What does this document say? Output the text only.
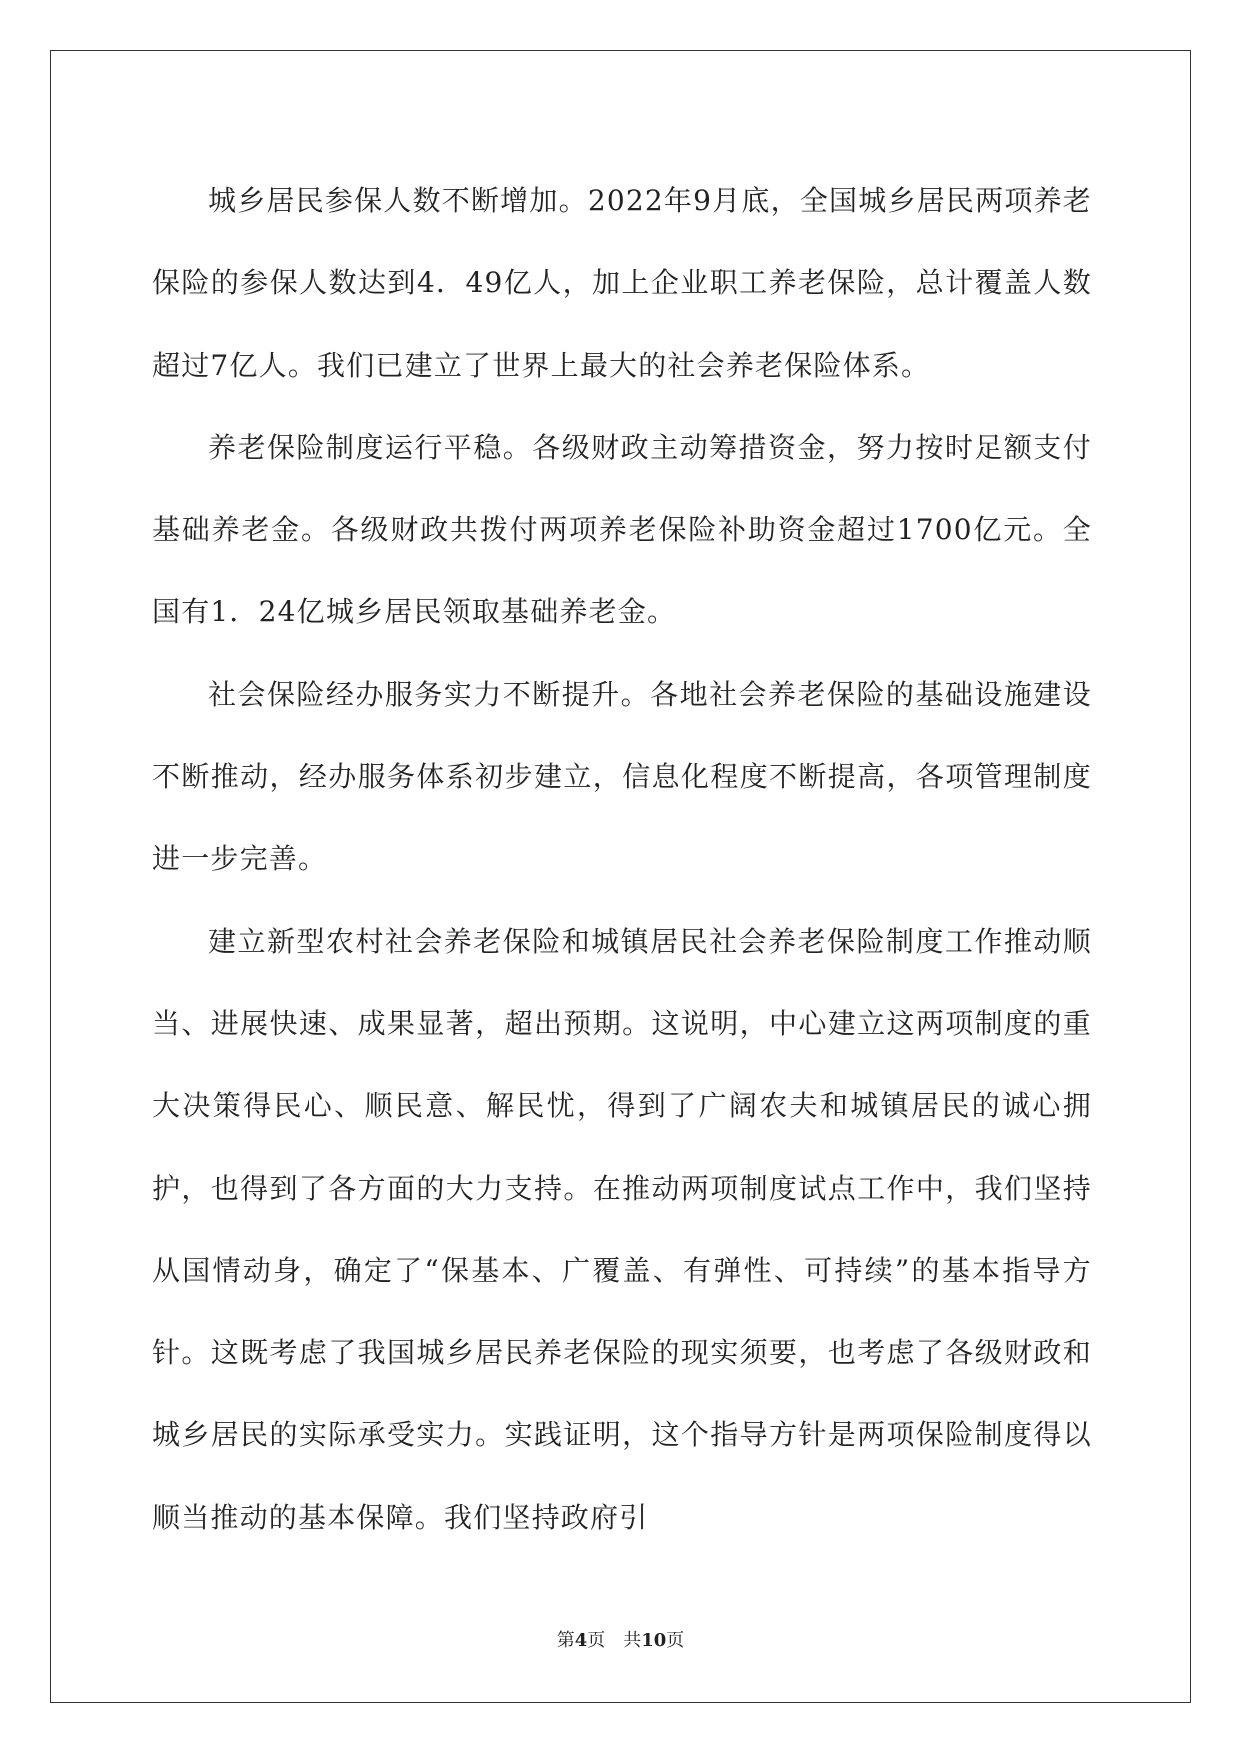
城乡居民参保人数不断增加。2022年9月底，全国城乡居民两项养老保险的参保人数达到4．49亿人，加上企业职工养老保险，总计覆盖人数超过7亿人。我们已建立了世界上最大的社会养老保险体系。

养老保险制度运行平稳。各级财政主动筹措资金，努力按时足额支付基础养老金。各级财政共拨付两项养老保险补助资金超过1700亿元。全国有1．24亿城乡居民领取基础养老金。

社会保险经办服务实力不断提升。各地社会养老保险的基础设施建设不断推动，经办服务体系初步建立，信息化程度不断提高，各项管理制度进一步完善。

建立新型农村社会养老保险和城镇居民社会养老保险制度工作推动顺当、进展快速、成果显著，超出预期。这说明，中心建立这两项制度的重大决策得民心、顺民意、解民忧，得到了广阔农夫和城镇居民的诚心拥护，也得到了各方面的大力支持。在推动两项制度试点工作中，我们坚持从国情动身，确定了“保基本、广覆盖、有弹性、可持续”的基本指导方针。这既考虑了我国城乡居民养老保险的现实须要，也考虑了各级财政和城乡居民的实际承受实力。实践证明，这个指导方针是两项保险制度得以顺当推动的基本保障。我们坚持政府引

第4页 共10页
